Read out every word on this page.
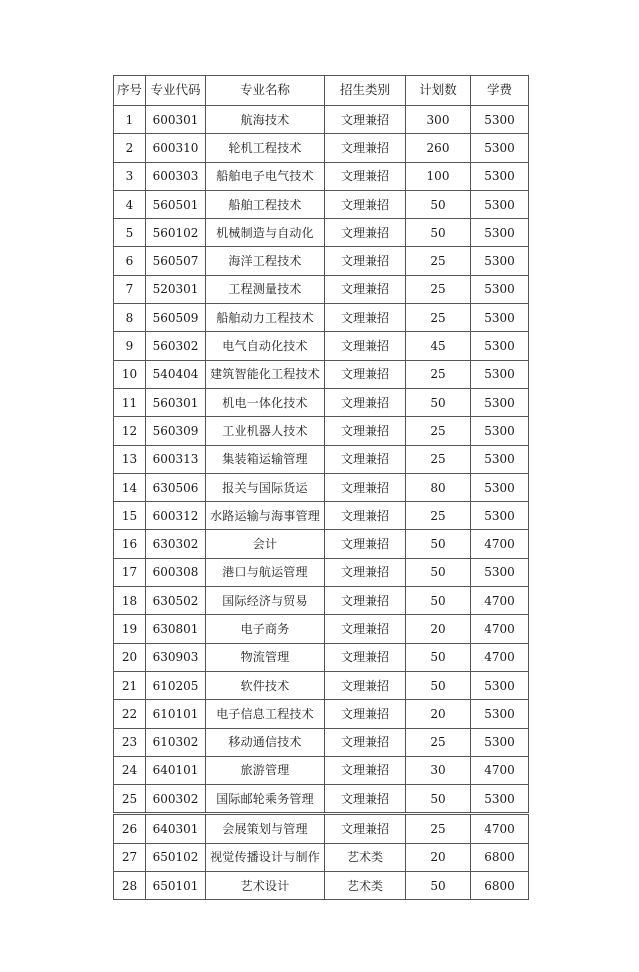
序号	专业代码	专业名称	招生类别	计划数	学费
1	600301	航海技术	文理兼招	300	5300
2	600310	轮机工程技术	文理兼招	260	5300
3	600303	船舶电子电气技术	文理兼招	100	5300
4	560501	船舶工程技术	文理兼招	50	5300
5	560102	机械制造与自动化	文理兼招	50	5300
6	560507	海洋工程技术	文理兼招	25	5300
7	520301	工程测量技术	文理兼招	25	5300
8	560509	船舶动力工程技术	文理兼招	25	5300
9	560302	电气自动化技术	文理兼招	45	5300
10	540404	建筑智能化工程技术	文理兼招	25	5300
11	560301	机电一体化技术	文理兼招	50	5300
12	560309	工业机器人技术	文理兼招	25	5300
13	600313	集装箱运输管理	文理兼招	25	5300
14	630506	报关与国际货运	文理兼招	80	5300
15	600312	水路运输与海事管理	文理兼招	25	5300
16	630302	会计	文理兼招	50	4700
17	600308	港口与航运管理	文理兼招	50	5300
18	630502	国际经济与贸易	文理兼招	50	4700
19	630801	电子商务	文理兼招	20	4700
20	630903	物流管理	文理兼招	50	4700
21	610205	软件技术	文理兼招	50	5300
22	610101	电子信息工程技术	文理兼招	20	5300
23	610302	移动通信技术	文理兼招	25	5300
24	640101	旅游管理	文理兼招	30	4700
25	600302	国际邮轮乘务管理	文理兼招	50	5300
26	640301	会展策划与管理	文理兼招	25	4700
27	650102	视觉传播设计与制作	艺术类	20	6800
28	650101	艺术设计	艺术类	50	6800
